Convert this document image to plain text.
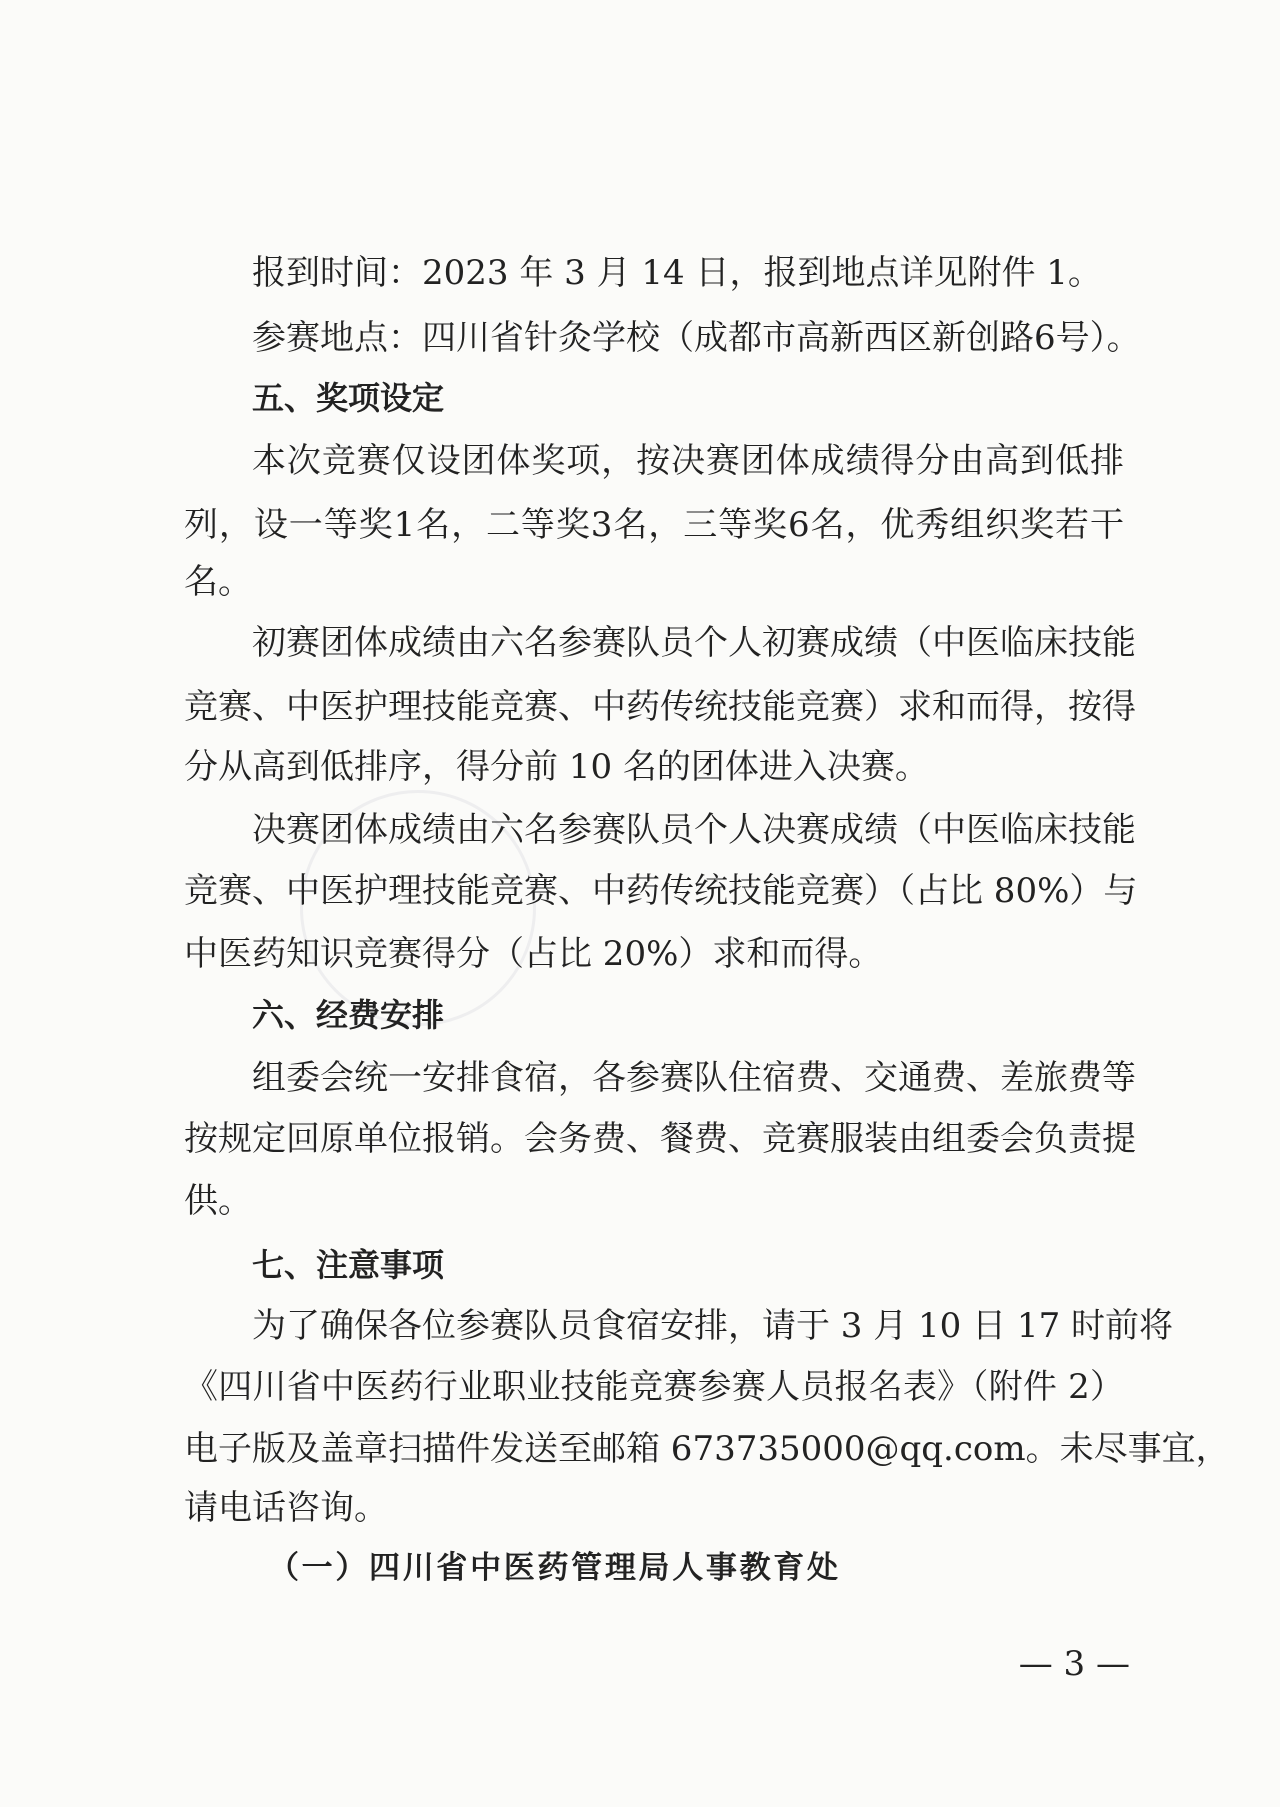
报到时间：2023 年 3 月 14 日，报到地点详见附件 1。
参赛地点：四川省针灸学校（成都市高新西区新创路6号）。
五、奖项设定
本次竞赛仅设团体奖项，按决赛团体成绩得分由高到低排
列，设一等奖1名，二等奖3名，三等奖6名，优秀组织奖若干
名。
初赛团体成绩由六名参赛队员个人初赛成绩（中医临床技能
竞赛、中医护理技能竞赛、中药传统技能竞赛）求和而得，按得
分从高到低排序，得分前 10 名的团体进入决赛。
决赛团体成绩由六名参赛队员个人决赛成绩（中医临床技能
竞赛、中医护理技能竞赛、中药传统技能竞赛）（占比 80%）与
中医药知识竞赛得分（占比 20%）求和而得。
六、经费安排
组委会统一安排食宿，各参赛队住宿费、交通费、差旅费等
按规定回原单位报销。会务费、餐费、竞赛服装由组委会负责提
供。
七、注意事项
为了确保各位参赛队员食宿安排，请于 3 月 10 日 17 时前将
《四川省中医药行业职业技能竞赛参赛人员报名表》（附件 2）
电子版及盖章扫描件发送至邮箱 673735000@qq.com。未尽事宜，
请电话咨询。
（一）四川省中医药管理局人事教育处
— 3 —
